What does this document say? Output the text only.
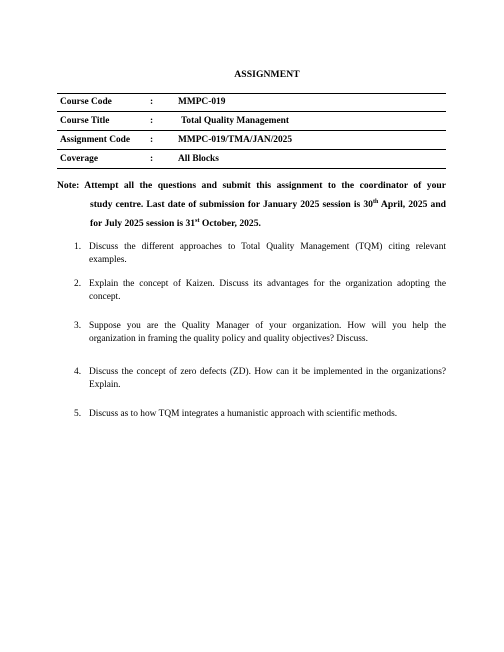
ASSIGNMENT
Course Code	:	MMPC-019
Course Title	:	Total Quality Management
Assignment Code :	MMPC-019/TMA/JAN/2025
Coverage	:	All Blocks
Note: Attempt all the questions and submit this assignment to the coordinator of your
study centre. Last date of submission for January 2025 session is 30th April, 2025 and for July 2025 session is 31st October, 2025.
1. Discuss the different approaches to Total Quality Management (TQM) citing relevant examples.
2. Explain the concept of Kaizen. Discuss its advantages for the organization adopting the concept.
3. Suppose you are the Quality Manager of your organization. How will you help the organization in framing the quality policy and quality objectives? Discuss.
4. Discuss the concept of zero defects (ZD). How can it be implemented in the organizations? Explain.
5. Discuss as to how TQM integrates a humanistic approach with scientific methods.
